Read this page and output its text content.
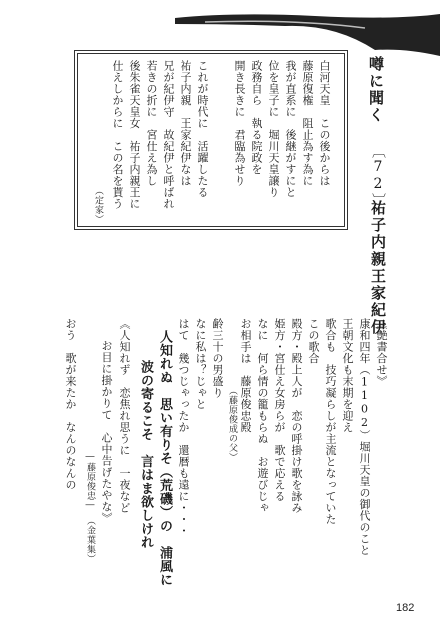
噂に聞く
〔72〕
祐子内親王家紀伊
白河天皇　この後からは
藤原復権　阻止為す為に
我が直系に　後継がすにと
位を皇子に　堀川天皇譲り
政務自ら　執る院政を
開き長きに　君臨為せり
これが時代に　活躍したる
祐子内親　王家紀伊なは
兄が紀伊守　故紀伊と呼ばれ
若きの折に　宮仕え為し
後朱雀天皇女　祐子内親王に
仕えしからに　この名を貰う
（定家）
《艶書合せ》
康和四年（1102）堀川天皇の御代のこと
王朝文化も末期を迎え
歌合も　技巧凝らしが主流となっていた
この歌合
殿方・殿上人が　恋の呼掛け歌を詠み
姫方・宮仕え女房らが　歌で応える
なに　何ら情の籠もらぬ　お遊びじゃ
お相手は　藤原俊忠殿
（藤原俊成の父）
齢三十の男盛り
なに私は？じゃと
はて　幾つじゃったか　還暦も遠に・・・
人知れぬ　思い有りそ（荒磯）の　浦風に
波の寄るこそ　言はま欲しけれ
《人知れず　恋焦れ思うに　一夜など
お目に掛かりて　心中告げたやな》
―藤原俊忠―　（金葉集）
おう　歌が来たか　なんのなんの
182
